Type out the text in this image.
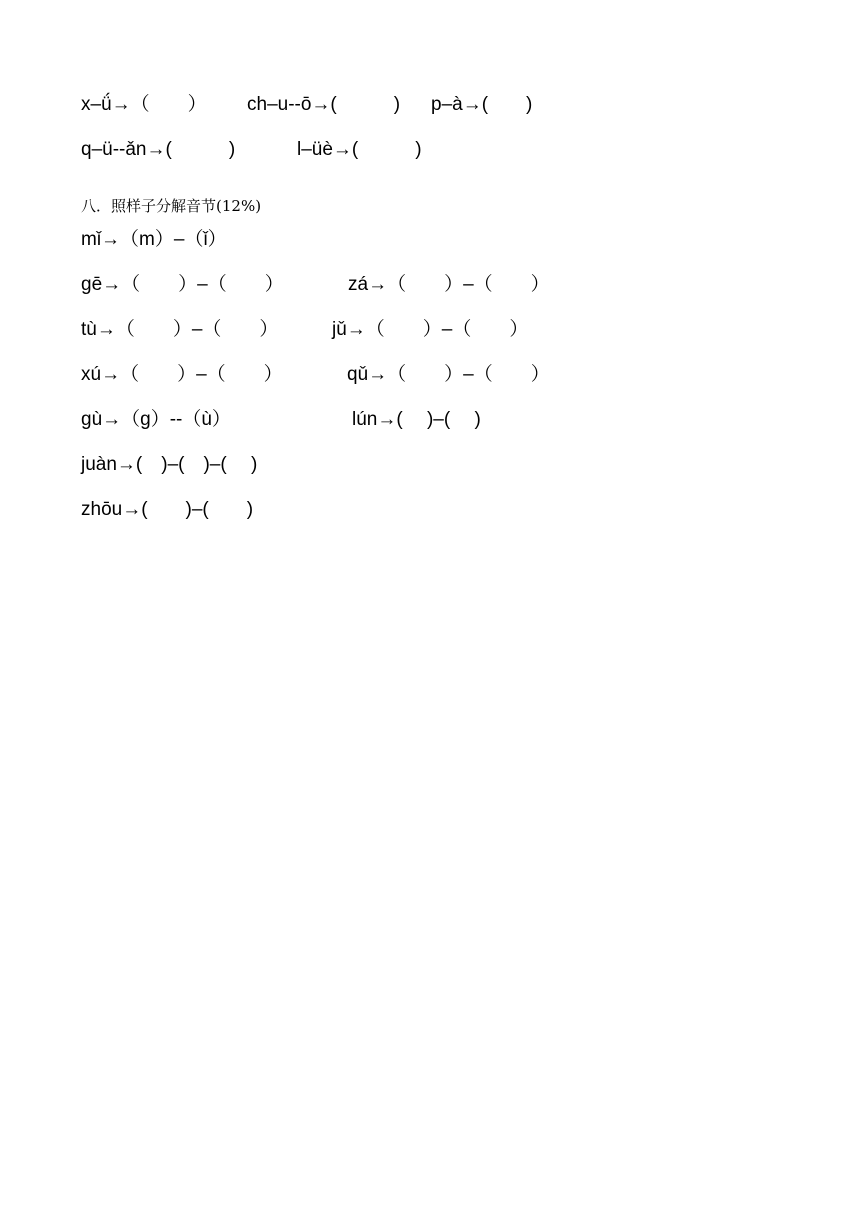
x–ǘ→（　　） ch–u--ō→(　　　) p–à→(　　)
q–ü--ǎn→(　　　)	l–üè→(　　　)
八．照样子分解音节(12%)
mǐ→（m）–（ǐ）
gē→（　　）–（　　）	zá→（　　）–（　　）
tù→（　　）–（　　）	jǔ→（　　）–（　　）
xú→（　　）–（　　）	qǔ→（　　）–（　　）
gù→（g）--（ù）	lún→(　 )–(　 )
juàn→(　)–(　)–(　 )
zhōu→(　　)–(　　)
